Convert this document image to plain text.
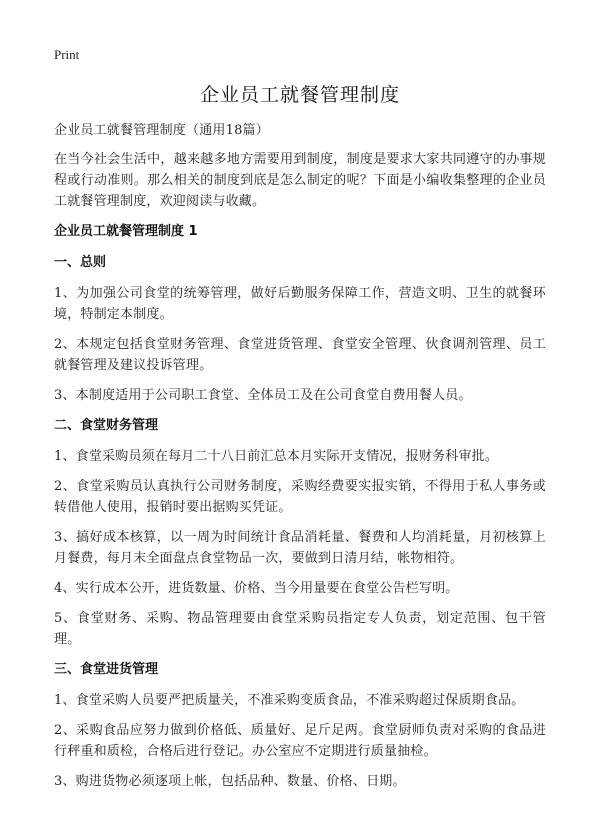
Print
企业员工就餐管理制度

企业员工就餐管理制度（通用18篇）

在当今社会生活中，越来越多地方需要用到制度，制度是要求大家共同遵守的办事规程或行动准则。那么相关的制度到底是怎么制定的呢？下面是小编收集整理的企业员工就餐管理制度，欢迎阅读与收藏。

企业员工就餐管理制度 1
一、总则

1、为加强公司食堂的统筹管理，做好后勤服务保障工作，营造文明、卫生的就餐环境，特制定本制度。

2、本规定包括食堂财务管理、食堂进货管理、食堂安全管理、伙食调剂管理、员工就餐管理及建议投诉管理。

3、本制度适用于公司职工食堂、全体员工及在公司食堂自费用餐人员。

二、食堂财务管理

1、食堂采购员须在每月二十八日前汇总本月实际开支情况，报财务科审批。

2、食堂采购员认真执行公司财务制度，采购经费要实报实销，不得用于私人事务或转借他人使用，报销时要出据购买凭证。

3、搞好成本核算，以一周为时间统计食品消耗量、餐费和人均消耗量，月初核算上月餐费，每月末全面盘点食堂物品一次，要做到日清月结，帐物相符。

4、实行成本公开，进货数量、价格、当今用量要在食堂公告栏写明。

5、食堂财务、采购、物品管理要由食堂采购员指定专人负责，划定范围、包干管理。

三、食堂进货管理

1、食堂采购人员要严把质量关，不准采购变质食品，不准采购超过保质期食品。

2、采购食品应努力做到价格低、质量好、足斤足两。食堂厨师负责对采购的食品进行秤重和质检，合格后进行登记。办公室应不定期进行质量抽检。

3、购进货物必须逐项上帐，包括品种、数量、价格、日期。
